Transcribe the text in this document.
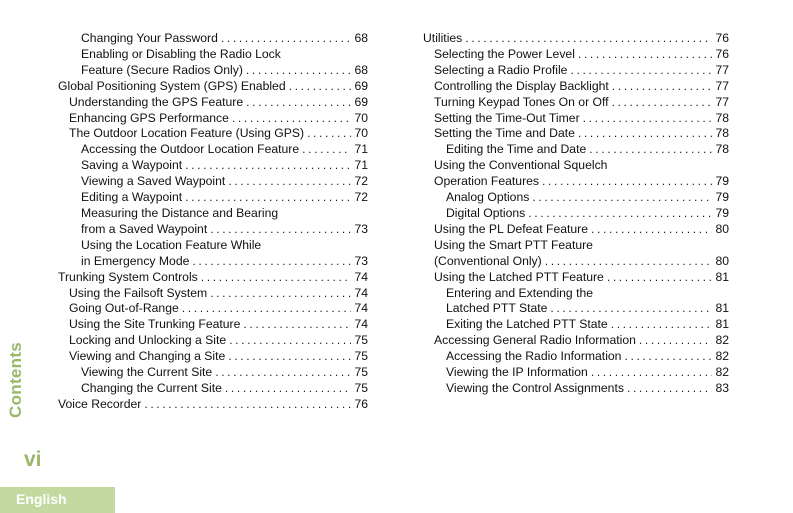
Changing Your Password .....	68
Enabling or Disabling the Radio Lock
Feature (Secure Radios Only) .....	68
Global Positioning System (GPS) Enabled .....	69
Understanding the GPS Feature .....	69
Enhancing GPS Performance .....	70
The Outdoor Location Feature (Using GPS) .....	70
Accessing the Outdoor Location Feature .....	71
Saving a Waypoint .....	71
Viewing a Saved Waypoint .....	72
Editing a Waypoint .....	72
Measuring the Distance and Bearing
from a Saved Waypoint .....	73
Using the Location Feature While
in Emergency Mode .....	73
Trunking System Controls .....	74
Using the Failsoft System .....	74
Going Out-of-Range .....	74
Using the Site Trunking Feature .....	74
Locking and Unlocking a Site .....	75
Viewing and Changing a Site .....	75
Viewing the Current Site .....	75
Changing the Current Site .....	75
Voice Recorder .....	76
Utilities .....	76
Selecting the Power Level .....	76
Selecting a Radio Profile .....	77
Controlling the Display Backlight .....	77
Turning Keypad Tones On or Off .....	77
Setting the Time-Out Timer .....	78
Setting the Time and Date .....	78
Editing the Time and Date .....	78
Using the Conventional Squelch
Operation Features .....	79
Analog Options .....	79
Digital Options .....	79
Using the PL Defeat Feature .....	80
Using the Smart PTT Feature
(Conventional Only) .....	80
Using the Latched PTT Feature .....	81
Entering and Extending the
Latched PTT State .....	81
Exiting the Latched PTT State .....	81
Accessing General Radio Information .....	82
Accessing the Radio Information .....	82
Viewing the IP Information .....	82
Viewing the Control Assignments .....	83
Contents
vi
English
